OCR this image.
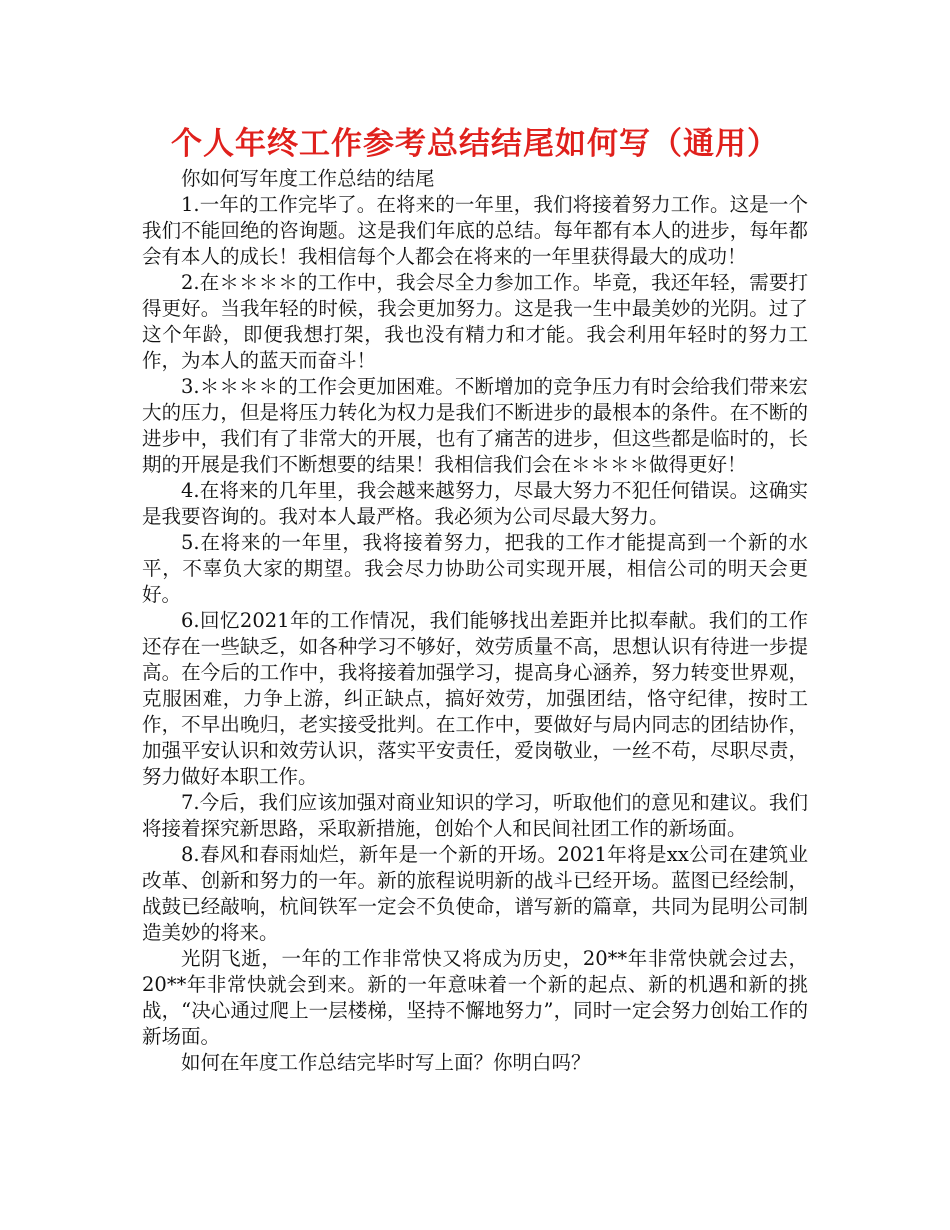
个人年终工作参考总结结尾如何写（通用）

你如何写年度工作总结的结尾

1.一年的工作完毕了。在将来的一年里，我们将接着努力工作。这是一个我们不能回绝的咨询题。这是我们年底的总结。每年都有本人的进步，每年都会有本人的成长！我相信每个人都会在将来的一年里获得最大的成功！

2.在＊＊＊＊的工作中，我会尽全力参加工作。毕竟，我还年轻，需要打得更好。当我年轻的时候，我会更加努力。这是我一生中最美妙的光阴。过了这个年龄，即便我想打架，我也没有精力和才能。我会利用年轻时的努力工作，为本人的蓝天而奋斗！

3.＊＊＊＊的工作会更加困难。不断增加的竞争压力有时会给我们带来宏大的压力，但是将压力转化为权力是我们不断进步的最根本的条件。在不断的进步中，我们有了非常大的开展，也有了痛苦的进步，但这些都是临时的，长期的开展是我们不断想要的结果！我相信我们会在＊＊＊＊做得更好！

4.在将来的几年里，我会越来越努力，尽最大努力不犯任何错误。这确实是我要咨询的。我对本人最严格。我必须为公司尽最大努力。

5.在将来的一年里，我将接着努力，把我的工作才能提高到一个新的水平，不辜负大家的期望。我会尽力协助公司实现开展，相信公司的明天会更好。

6.回忆2021年的工作情况，我们能够找出差距并比拟奉献。我们的工作还存在一些缺乏，如各种学习不够好，效劳质量不高，思想认识有待进一步提高。在今后的工作中，我将接着加强学习，提高身心涵养，努力转变世界观，克服困难，力争上游，纠正缺点，搞好效劳，加强团结，恪守纪律，按时工作，不早出晚归，老实接受批判。在工作中，要做好与局内同志的团结协作，加强平安认识和效劳认识，落实平安责任，爱岗敬业，一丝不苟，尽职尽责，努力做好本职工作。

7.今后，我们应该加强对商业知识的学习，听取他们的意见和建议。我们将接着探究新思路，采取新措施，创始个人和民间社团工作的新场面。

8.春风和春雨灿烂，新年是一个新的开场。2021年将是xx公司在建筑业改革、创新和努力的一年。新的旅程说明新的战斗已经开场。蓝图已经绘制，战鼓已经敲响，杭间铁军一定会不负使命，谱写新的篇章，共同为昆明公司制造美妙的将来。

光阴飞逝，一年的工作非常快又将成为历史，20**年非常快就会过去，20**年非常快就会到来。新的一年意味着一个新的起点、新的机遇和新的挑战，“决心通过爬上一层楼梯，坚持不懈地努力”，同时一定会努力创始工作的新场面。

如何在年度工作总结完毕时写上面？你明白吗？
